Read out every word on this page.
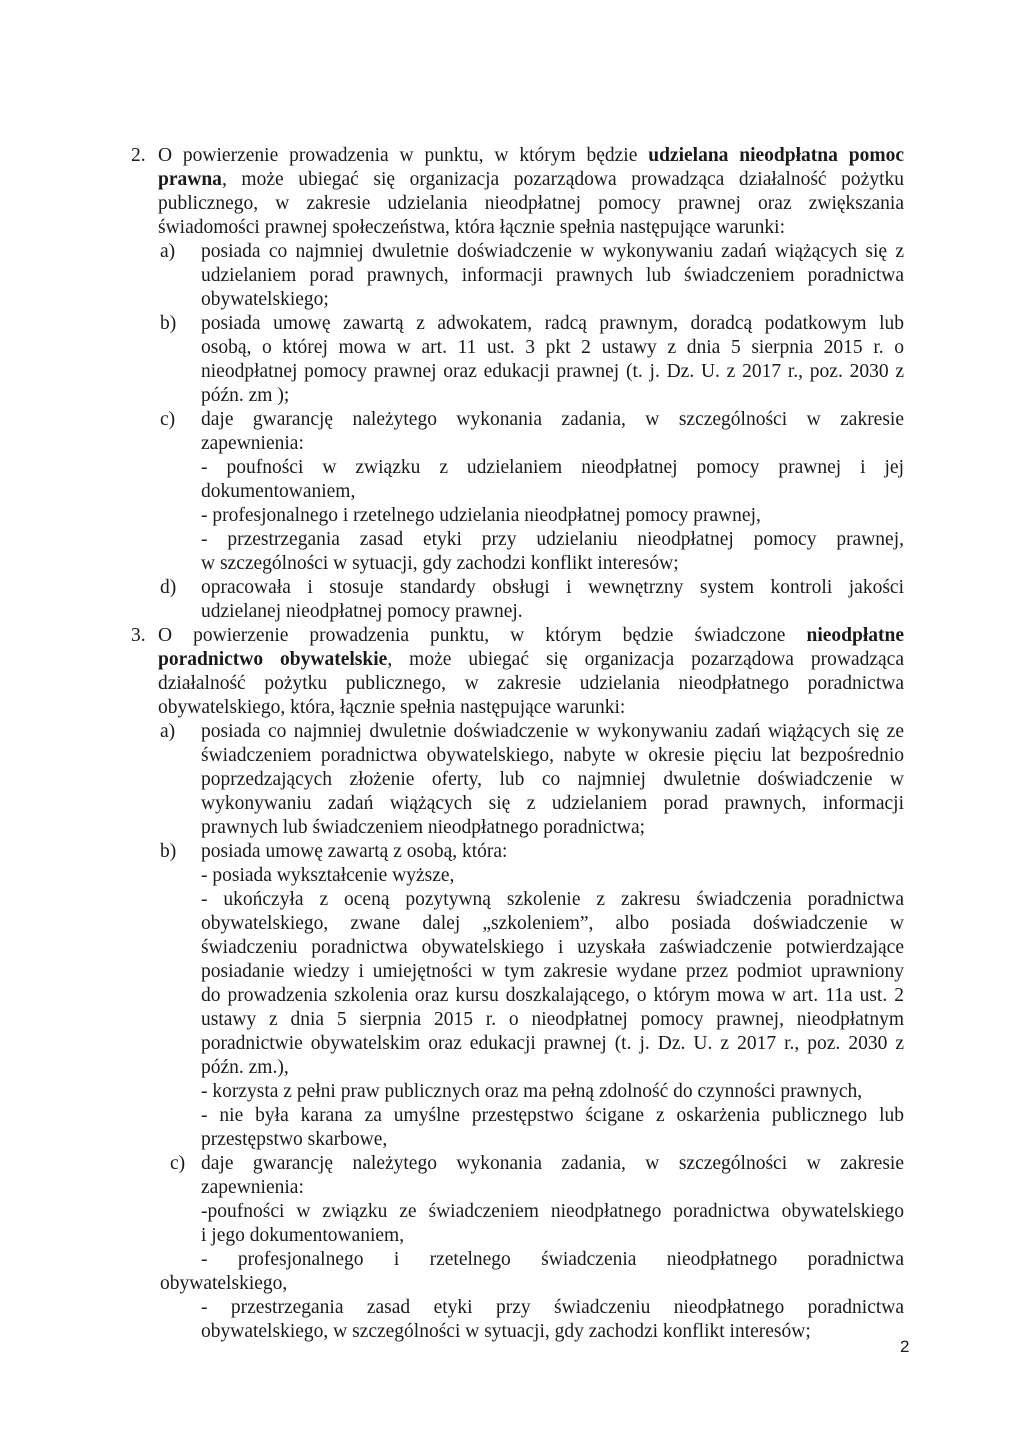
2. O powierzenie prowadzenia w punktu, w którym będzie udzielana nieodpłatna pomoc
prawna, może ubiegać się organizacja pozarządowa prowadząca działalność pożytku
publicznego, w zakresie udzielania nieodpłatnej pomocy prawnej oraz zwiększania
świadomości prawnej społeczeństwa, która łącznie spełnia następujące warunki:
a) posiada co najmniej dwuletnie doświadczenie w wykonywaniu zadań wiążących się z
udzielaniem porad prawnych, informacji prawnych lub świadczeniem poradnictwa
obywatelskiego;
b) posiada umowę zawartą z adwokatem, radcą prawnym, doradcą podatkowym lub
osobą, o której mowa w art. 11 ust. 3 pkt 2 ustawy z dnia 5 sierpnia 2015 r. o
nieodpłatnej pomocy prawnej oraz edukacji prawnej (t. j. Dz. U. z 2017 r., poz. 2030 z
późn. zm );
c) daje gwarancję należytego wykonania zadania, w szczególności w zakresie
zapewnienia:
- poufności w związku z udzielaniem nieodpłatnej pomocy prawnej i jej
dokumentowaniem,
- profesjonalnego i rzetelnego udzielania nieodpłatnej pomocy prawnej,
- przestrzegania zasad etyki przy udzielaniu nieodpłatnej pomocy prawnej,
w szczególności w sytuacji, gdy zachodzi konflikt interesów;
d) opracowała i stosuje standardy obsługi i wewnętrzny system kontroli jakości
udzielanej nieodpłatnej pomocy prawnej.
3. O powierzenie prowadzenia punktu, w którym będzie świadczone nieodpłatne
poradnictwo obywatelskie, może ubiegać się organizacja pozarządowa prowadząca
działalność pożytku publicznego, w zakresie udzielania nieodpłatnego poradnictwa
obywatelskiego, która, łącznie spełnia następujące warunki:
a) posiada co najmniej dwuletnie doświadczenie w wykonywaniu zadań wiążących się ze
świadczeniem poradnictwa obywatelskiego, nabyte w okresie pięciu lat bezpośrednio
poprzedzających złożenie oferty, lub co najmniej dwuletnie doświadczenie w
wykonywaniu zadań wiążących się z udzielaniem porad prawnych, informacji
prawnych lub świadczeniem nieodpłatnego poradnictwa;
b) posiada umowę zawartą z osobą, która:
- posiada wykształcenie wyższe,
- ukończyła z oceną pozytywną szkolenie z zakresu świadczenia poradnictwa
obywatelskiego, zwane dalej „szkoleniem”, albo posiada doświadczenie w
świadczeniu poradnictwa obywatelskiego i uzyskała zaświadczenie potwierdzające
posiadanie wiedzy i umiejętności w tym zakresie wydane przez podmiot uprawniony
do prowadzenia szkolenia oraz kursu doszkalającego, o którym mowa w art. 11a ust. 2
ustawy z dnia 5 sierpnia 2015 r. o nieodpłatnej pomocy prawnej, nieodpłatnym
poradnictwie obywatelskim oraz edukacji prawnej (t. j. Dz. U. z 2017 r., poz. 2030 z
późn. zm.),
- korzysta z pełni praw publicznych oraz ma pełną zdolność do czynności prawnych,
- nie była karana za umyślne przestępstwo ścigane z oskarżenia publicznego lub
przestępstwo skarbowe,
c) daje gwarancję należytego wykonania zadania, w szczególności w zakresie
zapewnienia:
-poufności w związku ze świadczeniem nieodpłatnego poradnictwa obywatelskiego
i jego dokumentowaniem,
- profesjonalnego i rzetelnego świadczenia nieodpłatnego poradnictwa
obywatelskiego,
- przestrzegania zasad etyki przy świadczeniu nieodpłatnego poradnictwa
obywatelskiego, w szczególności w sytuacji, gdy zachodzi konflikt interesów;
2
